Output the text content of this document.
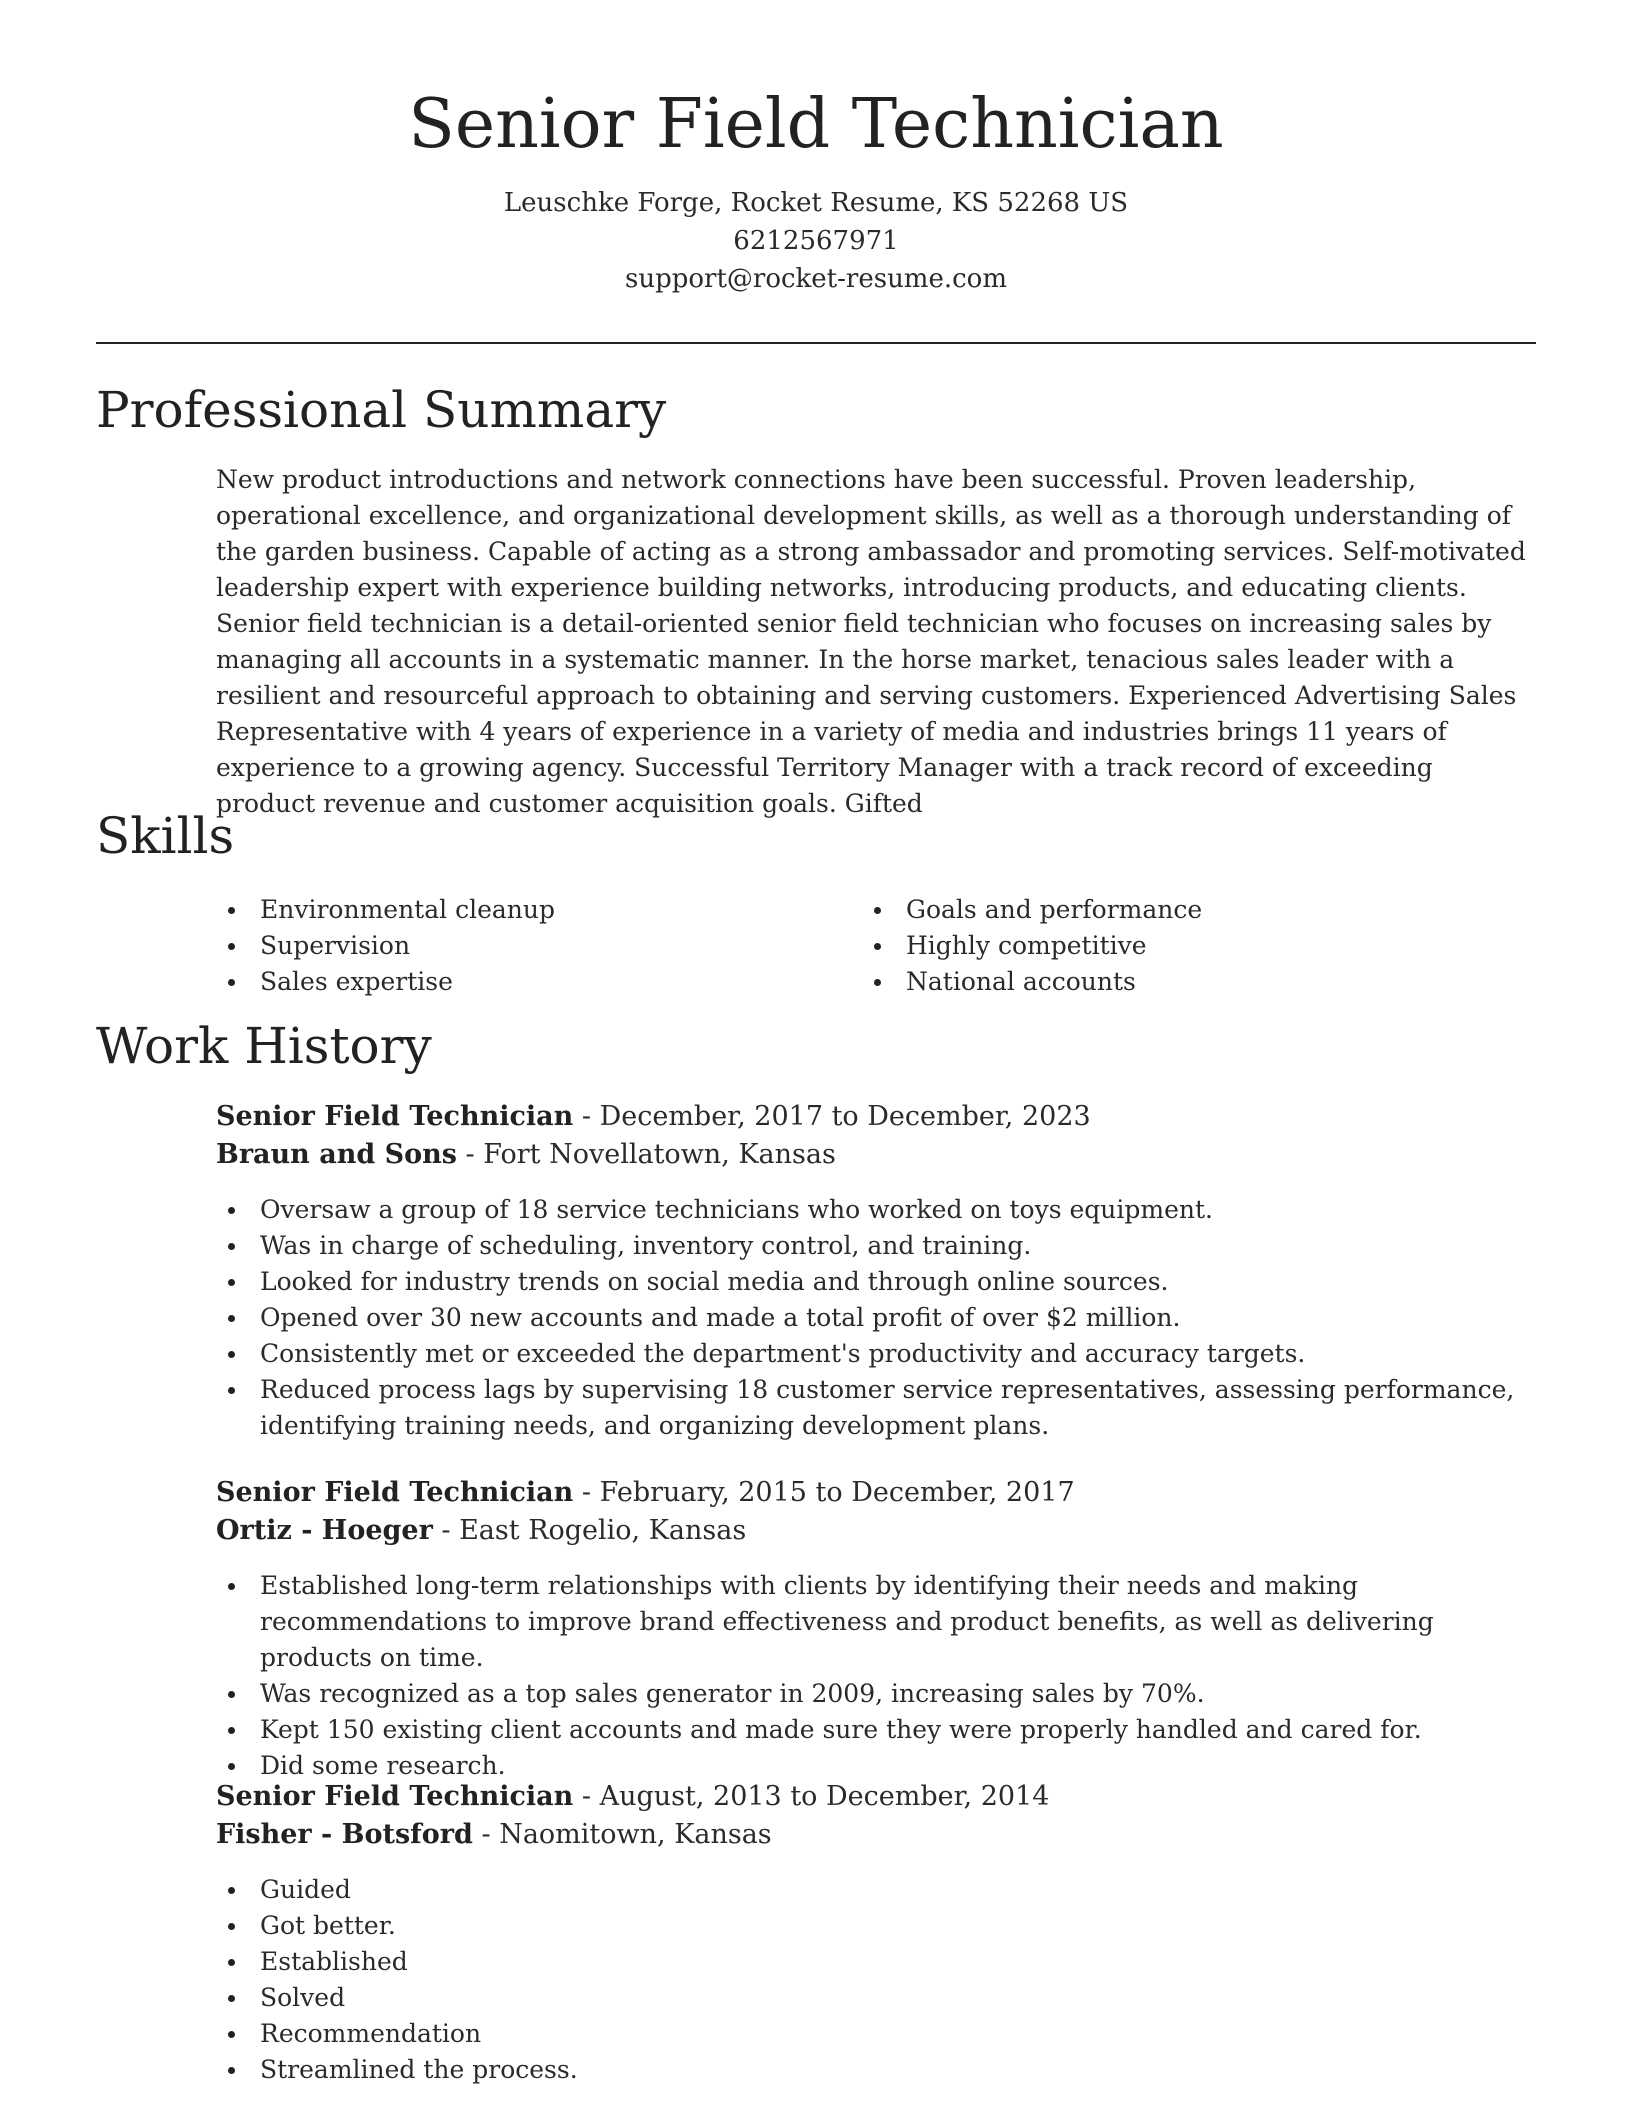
Senior Field Technician
Leuschke Forge, Rocket Resume, KS 52268 US
6212567971
support@rocket-resume.com
Professional Summary

New product introductions and network connections have been successful. Proven leadership, operational excellence, and organizational development skills, as well as a thorough understanding of the garden business. Capable of acting as a strong ambassador and promoting services. Self-motivated leadership expert with experience building networks, introducing products, and educating clients. Senior field technician is a detail-oriented senior field technician who focuses on increasing sales by managing all accounts in a systematic manner. In the horse market, tenacious sales leader with a resilient and resourceful approach to obtaining and serving customers. Experienced Advertising Sales Representative with 4 years of experience in a variety of media and industries brings 11 years of experience to a growing agency. Successful Territory Manager with a track record of exceeding product revenue and customer acquisition goals. Gifted

Skills
Environmental cleanup
Supervision
Sales expertise
Goals and performance
Highly competitive
National accounts
Work History
Senior Field Technician - December, 2017 to December, 2023
Braun and Sons - Fort Novellatown, Kansas
Oversaw a group of 18 service technicians who worked on toys equipment.
Was in charge of scheduling, inventory control, and training.
Looked for industry trends on social media and through online sources.
Opened over 30 new accounts and made a total profit of over $2 million.
Consistently met or exceeded the department's productivity and accuracy targets.
Reduced process lags by supervising 18 customer service representatives, assessing performance, identifying training needs, and organizing development plans.
Senior Field Technician - February, 2015 to December, 2017
Ortiz - Hoeger - East Rogelio, Kansas
Established long-term relationships with clients by identifying their needs and making recommendations to improve brand effectiveness and product benefits, as well as delivering products on time.
Was recognized as a top sales generator in 2009, increasing sales by 70%.
Kept 150 existing client accounts and made sure they were properly handled and cared for.
Did some research.
Senior Field Technician - August, 2013 to December, 2014
Fisher - Botsford - Naomitown, Kansas
Guided
Got better.
Established
Solved
Recommendation
Streamlined the process.
